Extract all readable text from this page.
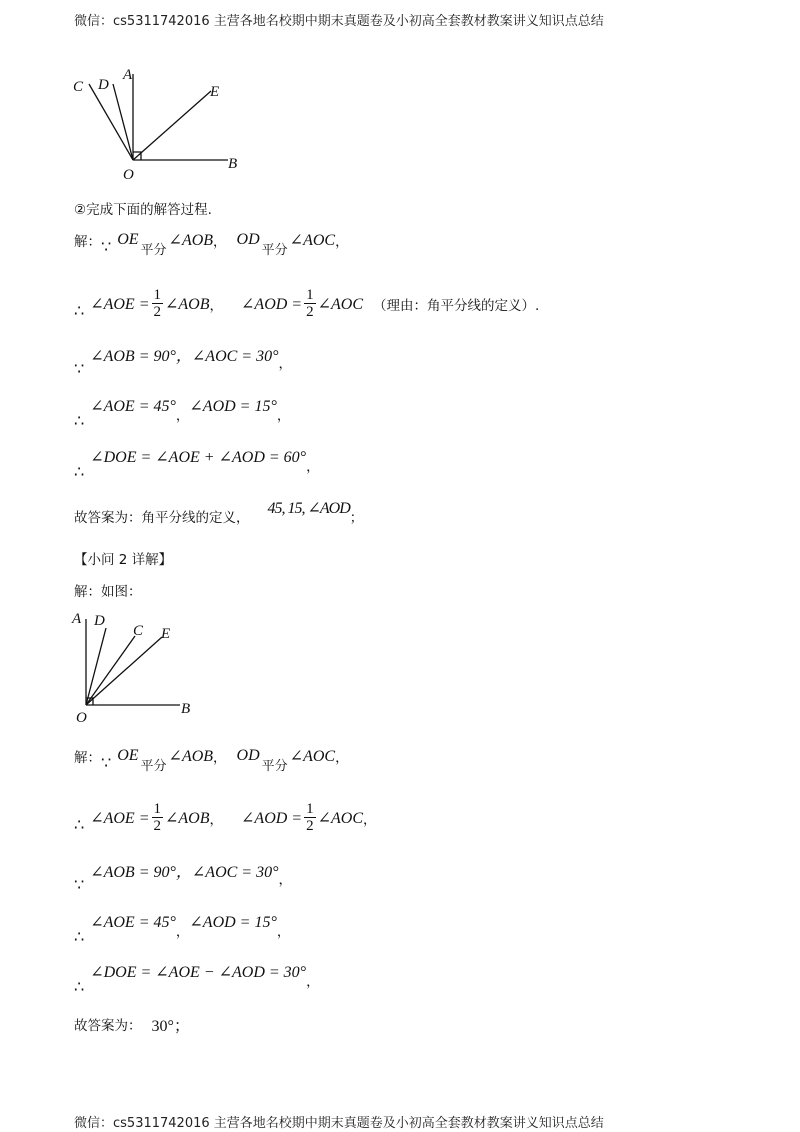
微信：cs5311742016 主营各地名校期中期末真题卷及小初高全套教材教案讲义知识点总结
C D
A
E
O
B
②完成下面的解答过程.
解： ∵ OE
平分
∠AOB ， OD
平分
∠AOC ，
∴ ∠AOE = $\frac{1}{2}$ ∠AOB ， ∠AOD = $\frac{1}{2}$ ∠AOC （理由：角平分线的定义）.
∵
∠AOB = 90°，∠AOC = 30° ，
∴
∠AOE = 45°
，
∠AOD = 15°
，
∴
∠DOE = ∠AOE + ∠AOD = 60°
，
故答案为：角平分线的定义，
45, 15, ∠AOD
；
【小问 2 详解】
解：如图：
A D
C E
O
B
解： ∵ OE
平分
∠AOB ， OD
平分
∠AOC ，
∴ ∠AOE = $\frac{1}{2}$ ∠AOB ， ∠AOD = $\frac{1}{2}$ ∠AOC ，
∵
∠AOB = 90°，∠AOC = 30° ，
∴
∠AOE = 45°
，
∠AOD = 15°
，
∴
∠DOE = ∠AOE − ∠AOD = 30°
，
故答案为： 30°；
微信：cs5311742016 主营各地名校期中期末真题卷及小初高全套教材教案讲义知识点总结
